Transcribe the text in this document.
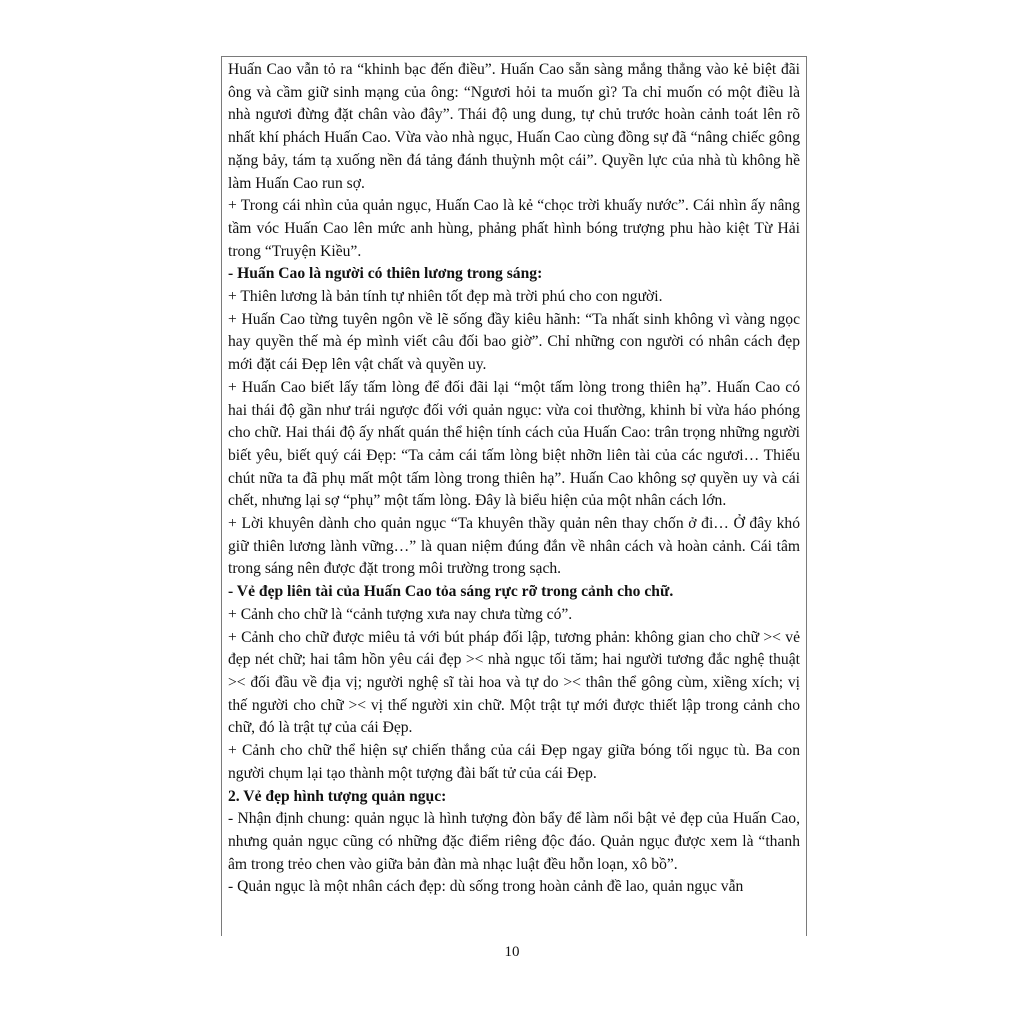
Huấn Cao vẫn tỏ ra “khinh bạc đến điều”. Huấn Cao sẵn sàng mắng thẳng vào kẻ biệt đãi ông và cầm giữ sinh mạng của ông: “Ngươi hỏi ta muốn gì? Ta chỉ muốn có một điều là nhà ngươi đừng đặt chân vào đây”. Thái độ ung dung, tự chủ trước hoàn cảnh toát lên rõ nhất khí phách Huấn Cao. Vừa vào nhà ngục, Huấn Cao cùng đồng sự đã “nâng chiếc gông nặng bảy, tám tạ xuống nền đá tảng đánh thuỳnh một cái”. Quyền lực của nhà tù không hề làm Huấn Cao run sợ.

+ Trong cái nhìn của quản ngục, Huấn Cao là kẻ “chọc trời khuấy nước”. Cái nhìn ấy nâng tầm vóc Huấn Cao lên mức anh hùng, phảng phất hình bóng trượng phu hào kiệt Từ Hải trong “Truyện Kiều”.

- Huấn Cao là người có thiên lương trong sáng:

+ Thiên lương là bản tính tự nhiên tốt đẹp mà trời phú cho con người.

+ Huấn Cao từng tuyên ngôn về lẽ sống đầy kiêu hãnh: “Ta nhất sinh không vì vàng ngọc hay quyền thế mà ép mình viết câu đối bao giờ”. Chỉ những con người có nhân cách đẹp mới đặt cái Đẹp lên vật chất và quyền uy.

+ Huấn Cao biết lấy tấm lòng để đối đãi lại “một tấm lòng trong thiên hạ”. Huấn Cao có hai thái độ gần như trái ngược đối với quản ngục: vừa coi thường, khinh bỉ vừa háo phóng cho chữ. Hai thái độ ấy nhất quán thể hiện tính cách của Huấn Cao: trân trọng những người biết yêu, biết quý cái Đẹp: “Ta cảm cái tấm lòng biệt nhỡn liên tài của các ngươi… Thiếu chút nữa ta đã phụ mất một tấm lòng trong thiên hạ”. Huấn Cao không sợ quyền uy và cái chết, nhưng lại sợ “phụ” một tấm lòng. Đây là biểu hiện của một nhân cách lớn.

+ Lời khuyên dành cho quản ngục “Ta khuyên thầy quản nên thay chốn ở đi… Ở đây khó giữ thiên lương lành vững…” là quan niệm đúng đắn về nhân cách và hoàn cảnh. Cái tâm trong sáng nên được đặt trong môi trường trong sạch.

- Vẻ đẹp liên tài của Huấn Cao tỏa sáng rực rỡ trong cảnh cho chữ.

+ Cảnh cho chữ là “cảnh tượng xưa nay chưa từng có”.

+ Cảnh cho chữ được miêu tả với bút pháp đối lập, tương phản: không gian cho chữ >< vẻ đẹp nét chữ; hai tâm hồn yêu cái đẹp >< nhà ngục tối tăm; hai người tương đắc nghệ thuật >< đối đầu về địa vị; người nghệ sĩ tài hoa và tự do >< thân thể gông cùm, xiềng xích; vị thế người cho chữ >< vị thế người xin chữ. Một trật tự mới được thiết lập trong cảnh cho chữ, đó là trật tự của cái Đẹp.

+ Cảnh cho chữ thể hiện sự chiến thắng của cái Đẹp ngay giữa bóng tối ngục tù. Ba con người chụm lại tạo thành một tượng đài bất tử của cái Đẹp.

2. Vẻ đẹp hình tượng quản ngục:

- Nhận định chung: quản ngục là hình tượng đòn bẩy để làm nổi bật vẻ đẹp của Huấn Cao, nhưng quản ngục cũng có những đặc điểm riêng độc đáo. Quản ngục được xem là “thanh âm trong trẻo chen vào giữa bản đàn mà nhạc luật đều hỗn loạn, xô bồ”.

- Quản ngục là một nhân cách đẹp: dù sống trong hoàn cảnh đề lao, quản ngục vẫn

10
